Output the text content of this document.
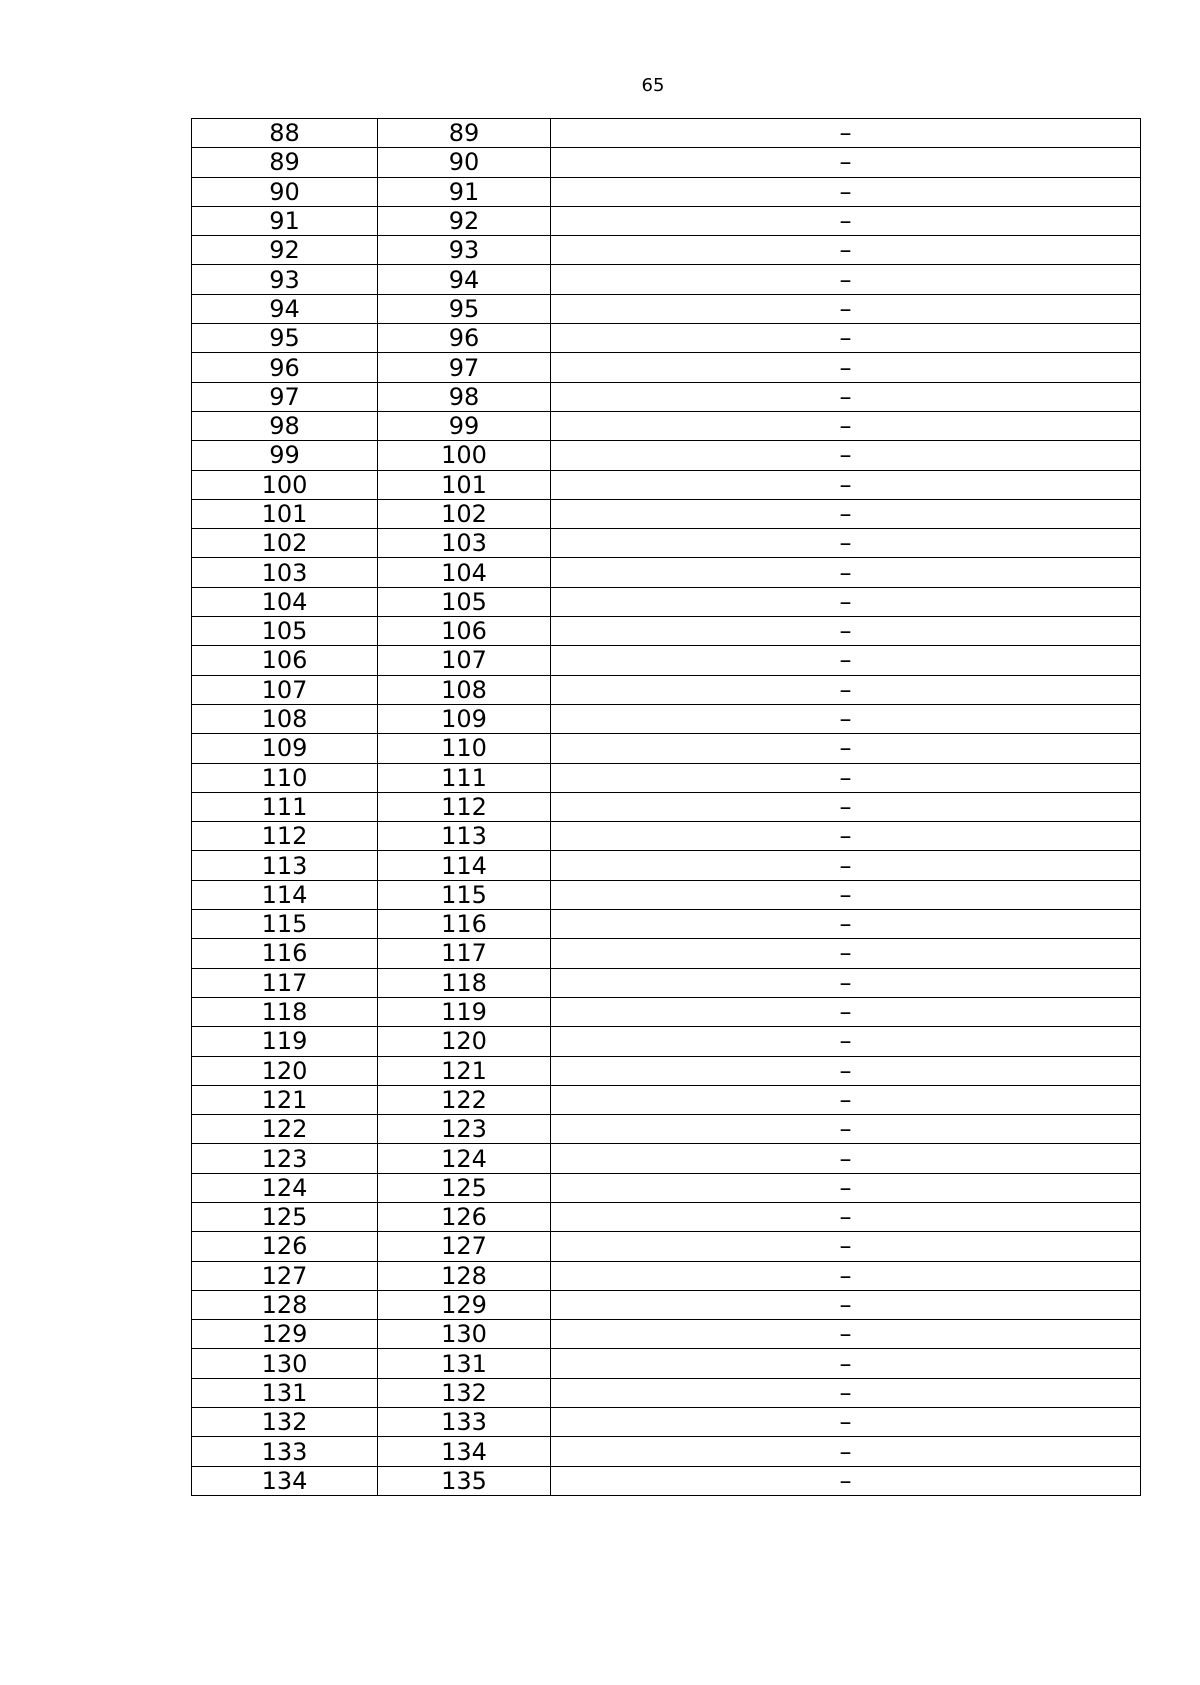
65
88	89	–
89	90	–
90	91	–
91	92	–
92	93	–
93	94	–
94	95	–
95	96	–
96	97	–
97	98	–
98	99	–
99	100	–
100	101	–
101	102	–
102	103	–
103	104	–
104	105	–
105	106	–
106	107	–
107	108	–
108	109	–
109	110	–
110	111	–
111	112	–
112	113	–
113	114	–
114	115	–
115	116	–
116	117	–
117	118	–
118	119	–
119	120	–
120	121	–
121	122	–
122	123	–
123	124	–
124	125	–
125	126	–
126	127	–
127	128	–
128	129	–
129	130	–
130	131	–
131	132	–
132	133	–
133	134	–
134	135	–
